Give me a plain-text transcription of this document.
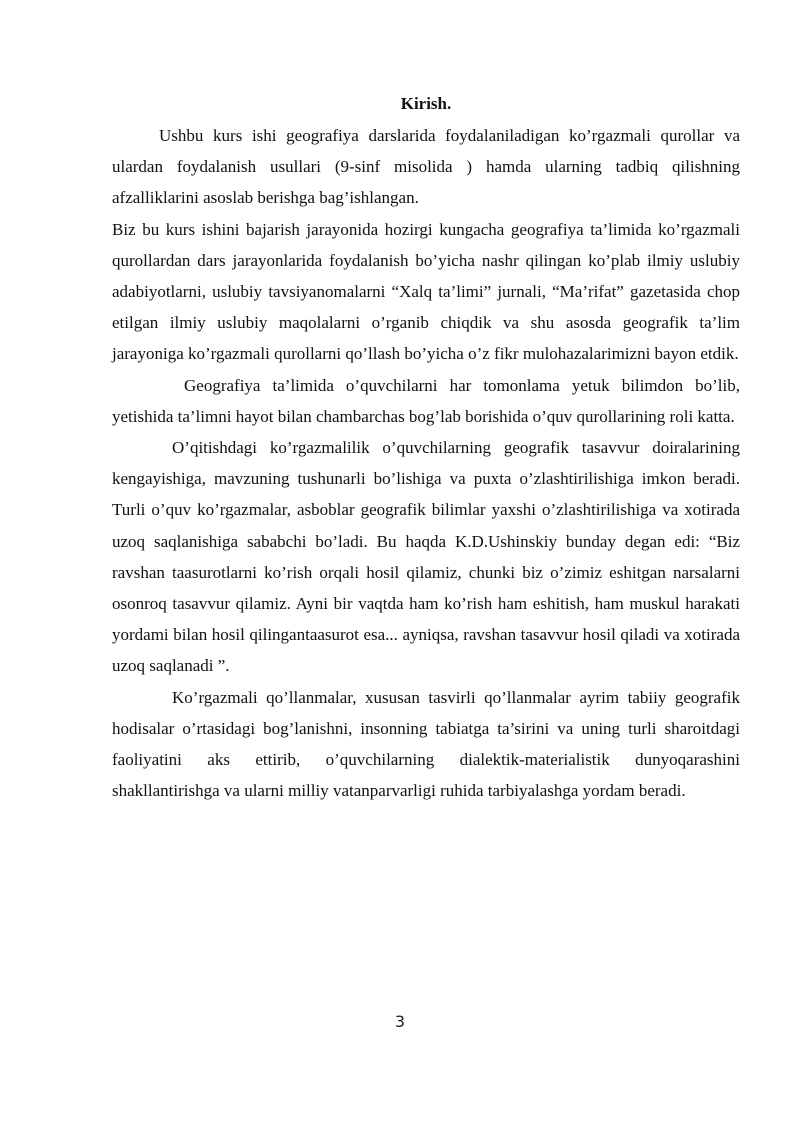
Kirish.

Ushbu kurs ishi geografiya darslarida foydalaniladigan ko’rgazmali qurollar va ulardan foydalanish usullari (9-sinf misolida ) hamda ularning tadbiq qilishning afzalliklarini asoslab berishga bag’ishlangan.

Biz bu kurs ishini bajarish jarayonida hozirgi kungacha geografiya ta’limida ko’rgazmali qurollardan dars jarayonlarida foydalanish bo’yicha nashr qilingan ko’plab ilmiy uslubiy adabiyotlarni, uslubiy tavsiyanomalarni “Xalq ta’limi” jurnali, “Ma’rifat” gazetasida chop etilgan ilmiy uslubiy maqolalarni o’rganib chiqdik va shu asosda geografik ta’lim jarayoniga ko’rgazmali qurollarni qo’llash bo’yicha o’z fikr mulohazalarimizni bayon etdik.

Geografiya ta’limida o’quvchilarni har tomonlama yetuk bilimdon bo’lib, yetishida ta’limni hayot bilan chambarchas bog’lab borishida o’quv qurollarining roli katta.

O’qitishdagi ko’rgazmalilik o’quvchilarning geografik tasavvur doiralarining kengayishiga, mavzuning tushunarli bo’lishiga va puxta o’zlashtirilishiga imkon beradi. Turli o’quv ko’rgazmalar, asboblar geografik bilimlar yaxshi o’zlashtirilishiga va xotirada uzoq saqlanishiga sababchi bo’ladi. Bu haqda K.D.Ushinskiy bunday degan edi: “Biz ravshan taasurotlarni ko’rish orqali hosil qilamiz, chunki biz o’zimiz eshitgan narsalarni osonroq tasavvur qilamiz. Ayni bir vaqtda ham ko’rish ham eshitish, ham muskul harakati yordami bilan hosil qilingantaasurot esa... ayniqsa, ravshan tasavvur hosil qiladi va xotirada uzoq saqlanadi ”.

Ko’rgazmali qo’llanmalar, xususan tasvirli qo’llanmalar ayrim tabiiy geografik hodisalar o’rtasidagi bog’lanishni, insonning tabiatga ta’sirini va uning turli sharoitdagi faoliyatini aks ettirib, o’quvchilarning dialektik-materialistik dunyoqarashini shakllantirishga va ularni milliy vatanparvarligi ruhida tarbiyalashga yordam beradi.

3
